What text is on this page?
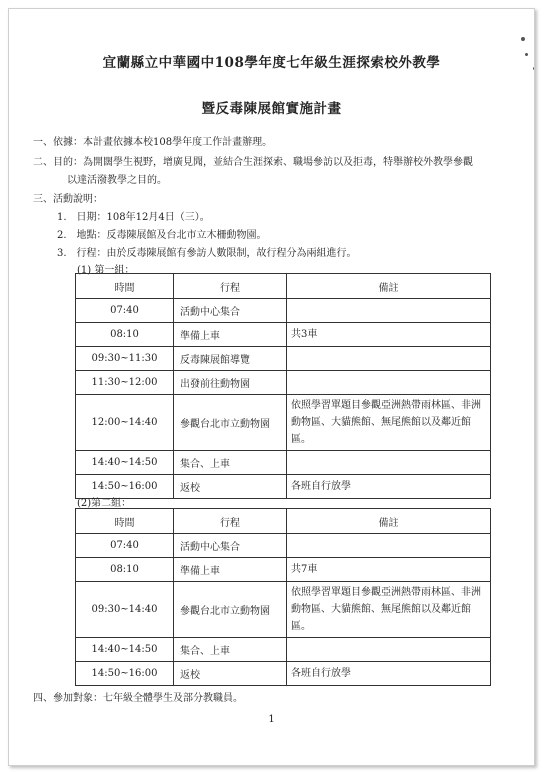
宜蘭縣立中華國中108學年度七年級生涯探索校外教學
暨反毒陳展館實施計畫
一、依據：本計畫依據本校108學年度工作計畫辦理。
二、目的：為開闊學生視野，增廣見聞，並結合生涯探索、職場參訪以及拒毒，特舉辦校外教學參觀
以達活潑教學之目的。
三、活動說明：
1.　日期：108年12月4日（三）。
2.　地點：反毒陳展館及台北市立木柵動物園。
3.　行程：由於反毒陳展館有參訪人數限制，故行程分為兩組進行。
(1) 第一組：
時間	行程	備註
07:40	活動中心集合	
08:10	準備上車	共3車
09:30~11:30	反毒陳展館導覽	
11:30~12:00	出發前往動物園	
12:00~14:40	參觀台北市立動物園	依照學習單題目參觀亞洲熱帶雨林區、非洲動物區、大貓熊館、無尾熊館以及鄰近館區。
14:40~14:50	集合、上車	
14:50~16:00	返校	各班自行放學
(2)第二組：
時間	行程	備註
07:40	活動中心集合	
08:10	準備上車	共7車
09:30~14:40	參觀台北市立動物園	依照學習單題目參觀亞洲熱帶雨林區、非洲動物區、大貓熊館、無尾熊館以及鄰近館區。
14:40~14:50	集合、上車	
14:50~16:00	返校	各班自行放學
四、參加對象：七年級全體學生及部分教職員。
1
